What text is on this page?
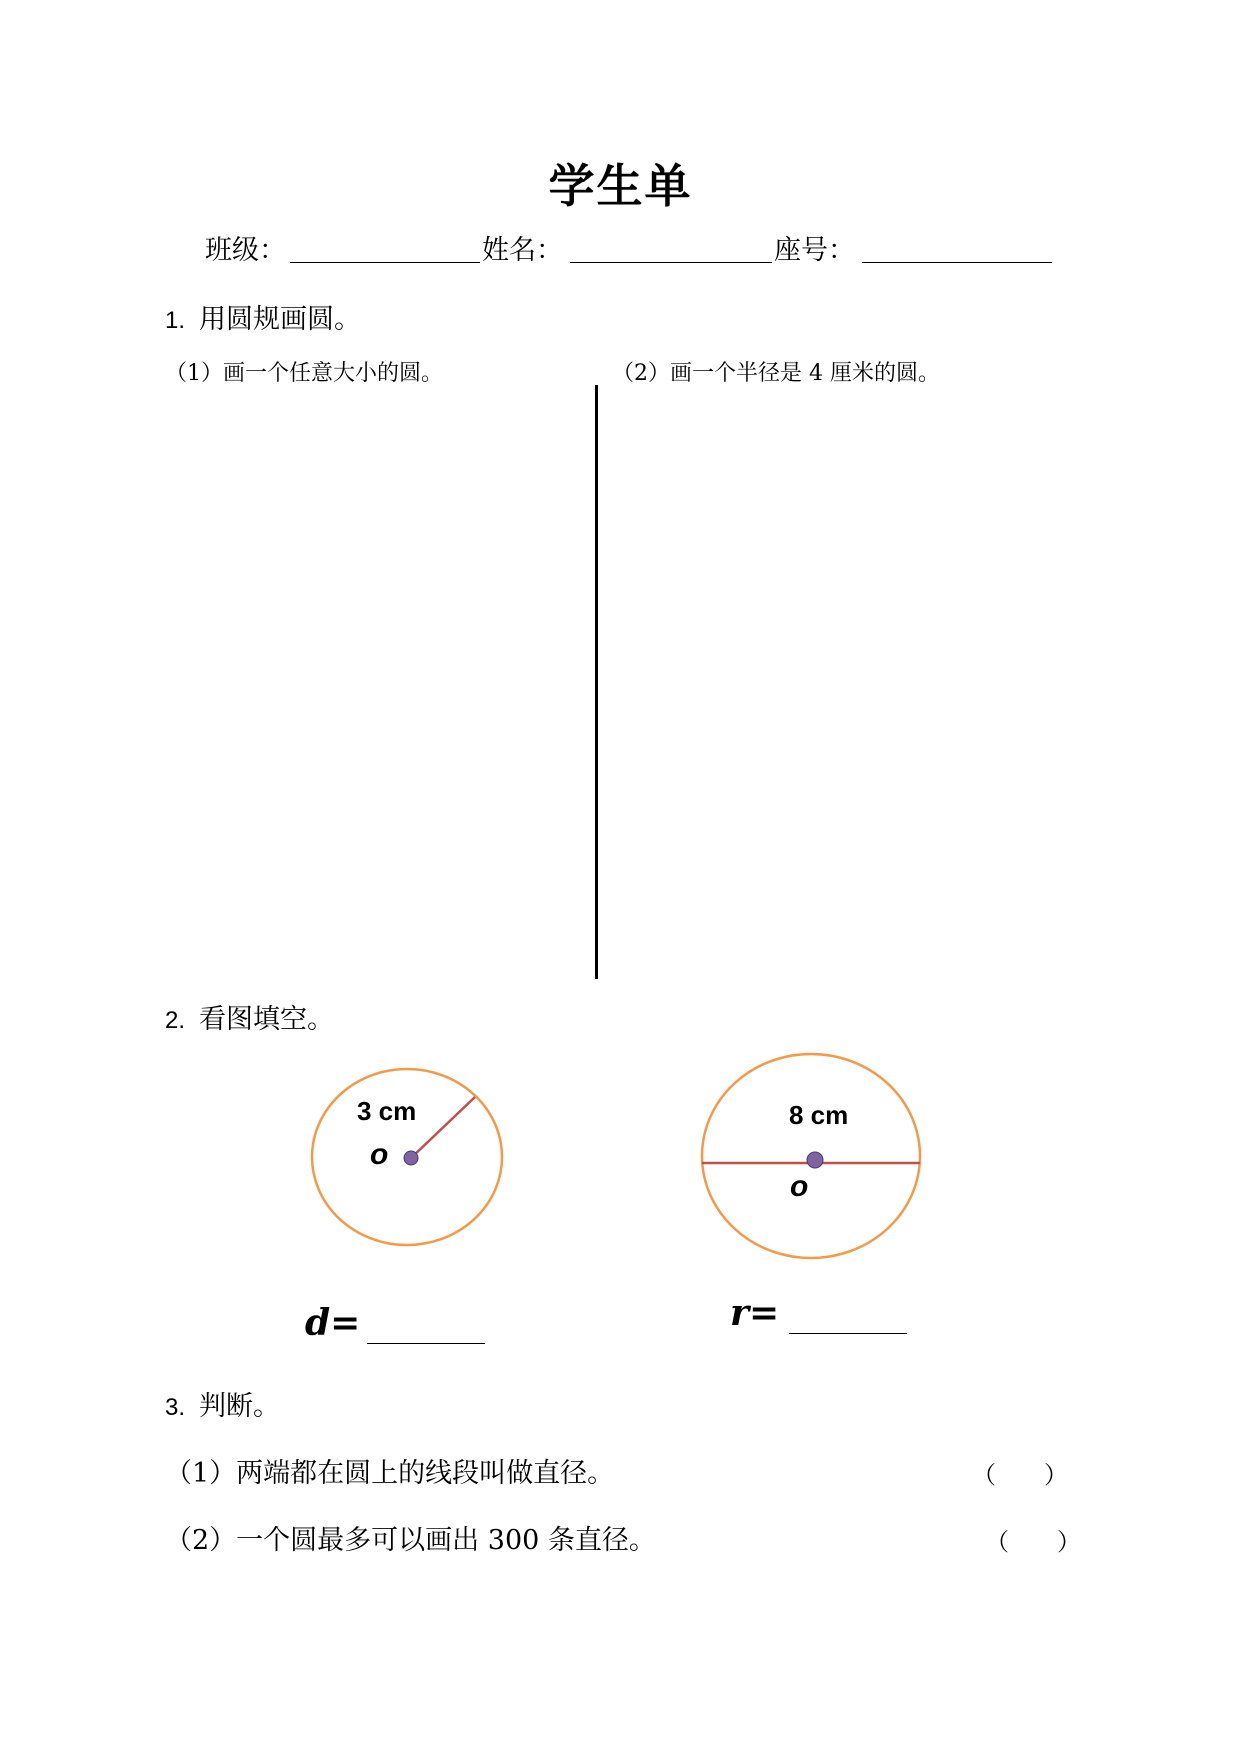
学生单
班级：	姓名：	座号：
1. 用圆规画圆。
（1）画一个任意大小的圆。	（2）画一个半径是 4 厘米的圆。
2. 看图填空。
3 cm
o
8 cm
o
d=	r=
3. 判断。
（1）两端都在圆上的线段叫做直径。	（　　）
（2）一个圆最多可以画出 300 条直径。	（　　）
